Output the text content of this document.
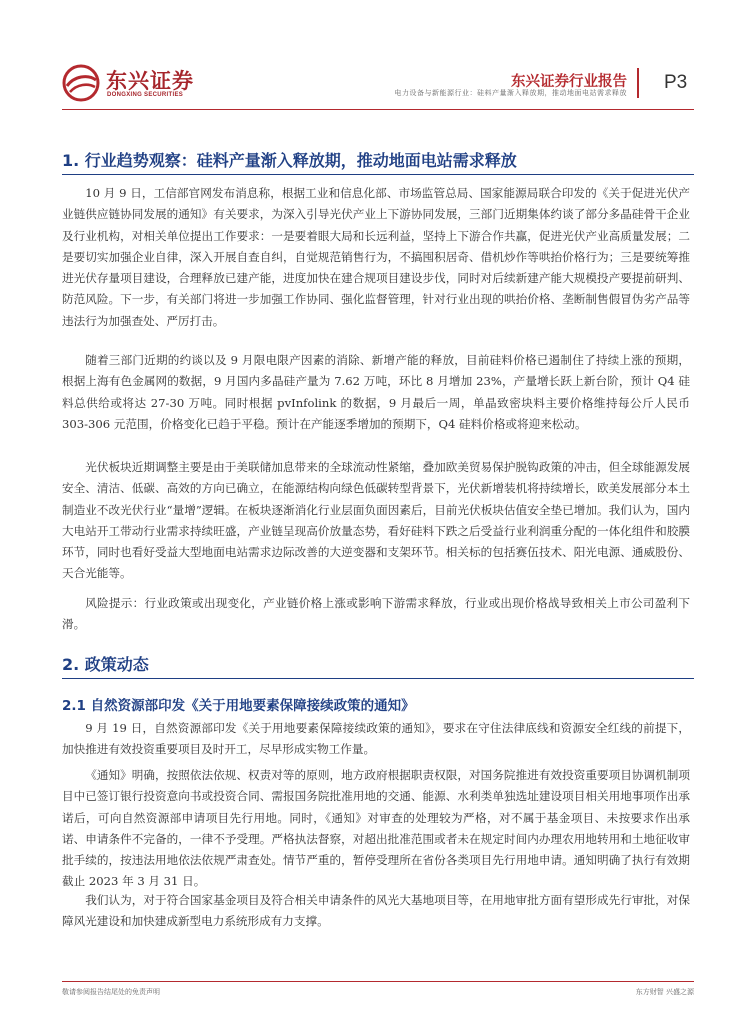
东兴证券
DONGXING SECURITIES
东兴证券行业报告
电力设备与新能源行业：硅料产量渐入释放期，推动地面电站需求释放 P3
1. 行业趋势观察：硅料产量渐入释放期，推动地面电站需求释放

10 月 9 日，工信部官网发布消息称，根据工业和信息化部、市场监管总局、国家能源局联合印发的《关于促进光伏产业链供应链协同发展的通知》有关要求，为深入引导光伏产业上下游协同发展，三部门近期集体约谈了部分多晶硅骨干企业及行业机构，对相关单位提出工作要求：一是要着眼大局和长远利益，坚持上下游合作共赢，促进光伏产业高质量发展；二是要切实加强企业自律，深入开展自查自纠，自觉规范销售行为，不搞囤积居奇、借机炒作等哄抬价格行为；三是要统筹推进光伏存量项目建设，合理释放已建产能，进度加快在建合规项目建设步伐，同时对后续新建产能大规模投产要提前研判、防范风险。下一步，有关部门将进一步加强工作协同、强化监督管理，针对行业出现的哄抬价格、垄断制售假冒伪劣产品等违法行为加强查处、严厉打击。

随着三部门近期的约谈以及 9 月限电限产因素的消除、新增产能的释放，目前硅料价格已遏制住了持续上涨的预期，根据上海有色金属网的数据，9 月国内多晶硅产量为 7.62 万吨，环比 8 月增加 23%，产量增长跃上新台阶，预计 Q4 硅料总供给或将达 27-30 万吨。同时根据 pvInfolink 的数据，9 月最后一周，单晶致密块料主要价格维持每公斤人民币 303-306 元范围，价格变化已趋于平稳。预计在产能逐季增加的预期下，Q4 硅料价格或将迎来松动。

光伏板块近期调整主要是由于美联储加息带来的全球流动性紧缩，叠加欧美贸易保护脱钩政策的冲击，但全球能源发展安全、清洁、低碳、高效的方向已确立，在能源结构向绿色低碳转型背景下，光伏新增装机将持续增长，欧美发展部分本土制造业不改光伏行业“量增”逻辑。在板块逐渐消化行业层面负面因素后，目前光伏板块估值安全垫已增加。我们认为，国内大电站开工带动行业需求持续旺盛，产业链呈现高价放量态势，看好硅料下跌之后受益行业利润重分配的一体化组件和胶膜环节，同时也看好受益大型地面电站需求边际改善的大逆变器和支架环节。相关标的包括赛伍技术、阳光电源、通威股份、天合光能等。

风险提示：行业政策或出现变化，产业链价格上涨或影响下游需求释放，行业或出现价格战导致相关上市公司盈利下滑。

2. 政策动态
2.1 自然资源部印发《关于用地要素保障接续政策的通知》

9 月 19 日，自然资源部印发《关于用地要素保障接续政策的通知》，要求在守住法律底线和资源安全红线的前提下，加快推进有效投资重要项目及时开工，尽早形成实物工作量。

《通知》明确，按照依法依规、权责对等的原则，地方政府根据职责权限，对国务院推进有效投资重要项目协调机制项目中已签订银行投资意向书或投资合同、需报国务院批准用地的交通、能源、水利类单独选址建设项目相关用地事项作出承诺后，可向自然资源部申请项目先行用地。同时，《通知》对审查的处理较为严格，对不属于基金项目、未按要求作出承诺、申请条件不完备的，一律不予受理。严格执法督察，对超出批准范围或者未在规定时间内办理农用地转用和土地征收审批手续的，按违法用地依法依规严肃查处。情节严重的，暂停受理所在省份各类项目先行用地申请。通知明确了执行有效期截止 2023 年 3 月 31 日。

我们认为，对于符合国家基金项目及符合相关申请条件的风光大基地项目等，在用地审批方面有望形成先行审批，对保障风光建设和加快建成新型电力系统形成有力支撑。

敬请参阅报告结尾处的免责声明	东方财智 兴盛之源
